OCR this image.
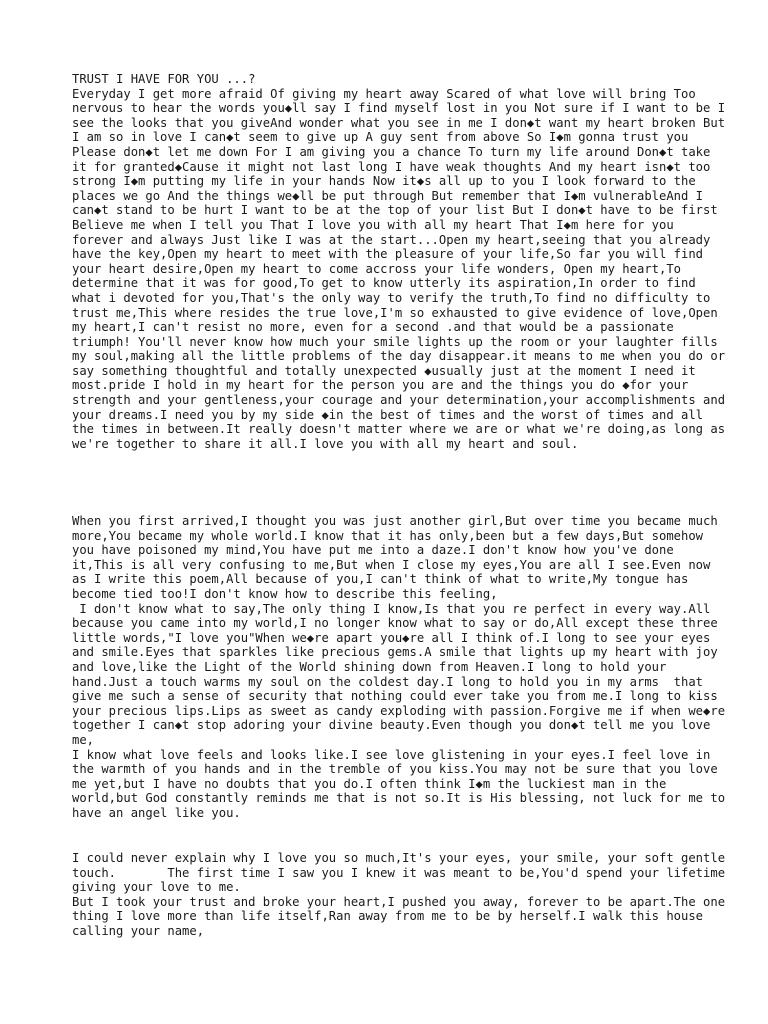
TRUST I HAVE FOR YOU ...?
Everyday I get more afraid Of giving my heart away Scared of what love will bring Too nervous to hear the words you◆ll say I find myself lost in you Not sure if I want to be I see the looks that you giveAnd wonder what you see in me I don◆t want my heart broken But I am so in love I can◆t seem to give up A guy sent from above So I◆m gonna trust you Please don◆t let me down For I am giving you a chance To turn my life around Don◆t take it for granted◆Cause it might not last long I have weak thoughts And my heart isn◆t too strong I◆m putting my life in your hands Now it◆s all up to you I look forward to the places we go And the things we◆ll be put through But remember that I◆m vulnerableAnd I can◆t stand to be hurt I want to be at the top of your list But I don◆t have to be first Believe me when I tell you That I love you with all my heart That I◆m here for you forever and always Just like I was at the start...Open my heart,seeing that you already have the key,Open my heart to meet with the pleasure of your life,So far you will find your heart desire,Open my heart to come accross your life wonders, Open my heart,To determine that it was for good,To get to know utterly its aspiration,In order to find what i devoted for you,That's the only way to verify the truth,To find no difficulty to trust me,This where resides the true love,I'm so exhausted to give evidence of love,Open my heart,I can't resist no more, even for a second .and that would be a passionate triumph! You'll never know how much your smile lights up the room or your laughter fills my soul,making all the little problems of the day disappear.it means to me when you do or say something thoughtful and totally unexpected ◆usually just at the moment I need it most.pride I hold in my heart for the person you are and the things you do ◆for your strength and your gentleness,your courage and your determination,your accomplishments and your dreams.I need you by my side ◆in the best of times and the worst of times and all the times in between.It really doesn't matter where we are or what we're doing,as long as we're together to share it all.I love you with all my heart and soul.

When you first arrived,I thought you was just another girl,But over time you became much more,You became my whole world.I know that it has only,been but a few days,But somehow you have poisoned my mind,You have put me into a daze.I don't know how you've done it,This is all very confusing to me,But when I close my eyes,You are all I see.Even now as I write this poem,All because of you,I can't think of what to write,My tongue has become tied too!I don't know how to describe this feeling,
I don't know what to say,The only thing I know,Is that you re perfect in every way.All because you came into my world,I no longer know what to say or do,All except these three little words,"I love you"When we◆re apart you◆re all I think of.I long to see your eyes and smile.Eyes that sparkles like precious gems.A smile that lights up my heart with joy and love,like the Light of the World shining down from Heaven.I long to hold your hand.Just a touch warms my soul on the coldest day.I long to hold you in my arms  that give me such a sense of security that nothing could ever take you from me.I long to kiss your precious lips.Lips as sweet as candy exploding with passion.Forgive me if when we◆re together I can◆t stop adoring your divine beauty.Even though you don◆t tell me you love me,
I know what love feels and looks like.I see love glistening in your eyes.I feel love in the warmth of you hands and in the tremble of you kiss.You may not be sure that you love me yet,but I have no doubts that you do.I often think I◆m the luckiest man in the world,but God constantly reminds me that is not so.It is His blessing, not luck for me to have an angel like you.

I could never explain why I love you so much,It's your eyes, your smile, your soft gentle touch.       The first time I saw you I knew it was meant to be,You'd spend your lifetime giving your love to me.
But I took your trust and broke your heart,I pushed you away, forever to be apart.The one thing I love more than life itself,Ran away from me to be by herself.I walk this house calling your name,
